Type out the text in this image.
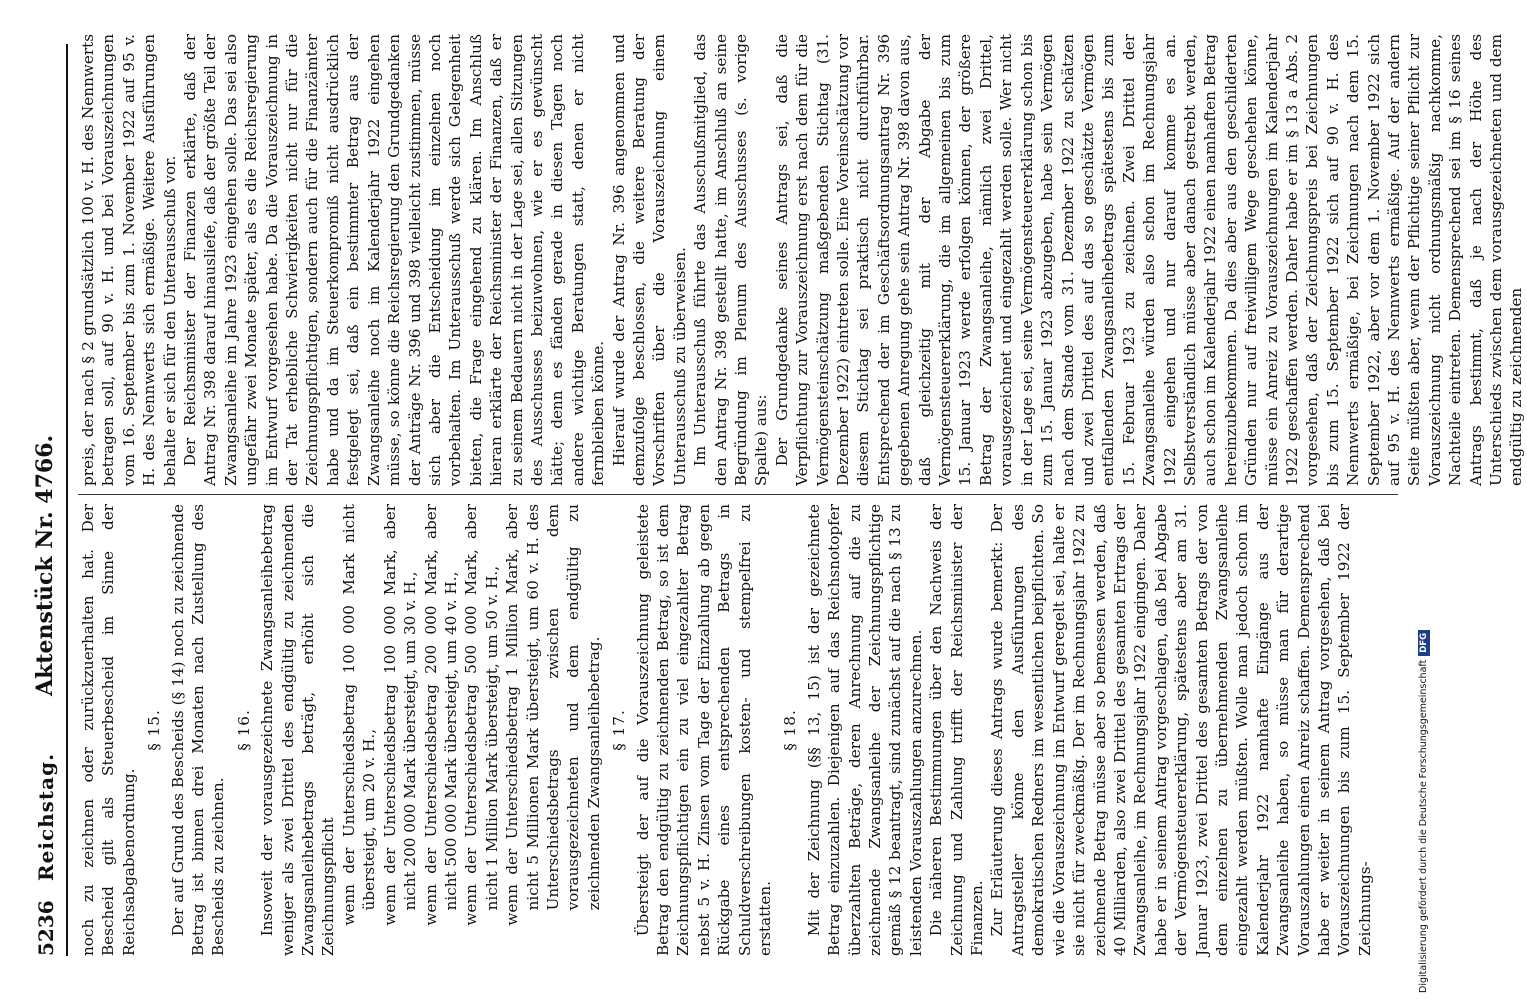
5236
Reichstag.
Aktenstück Nr. 4766. noch zu zeichnen oder zurückzuerhalten hat. Der Bescheid gilt als Steuerbescheid im Sinne der Reichsabgabenordnung.
§ 15. Der auf Grund des Bescheids (§ 14) noch zu zeichnende Betrag ist binnen drei Monaten nach Zustellung des Bescheids zu zeichnen.
§ 16. Insoweit der vorausgezeichnete Zwangsanleihebetrag weniger als zwei Drittel des endgültig zu zeichnenden Zwangsanleihebetrags beträgt, erhöht sich die Zeichnungspflicht wenn der Unterschiedsbetrag 100 000 Mark nicht übersteigt, um 20 v. H., wenn der Unterschiedsbetrag 100 000 Mark, aber nicht 200 000 Mark übersteigt, um 30 v. H., wenn der Unterschiedsbetrag 200 000 Mark, aber nicht 500 000 Mark übersteigt, um 40 v. H., wenn der Unterschiedsbetrag 500 000 Mark, aber nicht 1 Million Mark übersteigt, um 50 v. H., wenn der Unterschiedsbetrag 1 Million Mark, aber nicht 5 Millionen Mark übersteigt, um 60 v. H. des Unterschiedsbetrags zwischen dem vorausgezeichneten und dem endgültig zu zeichnenden Zwangsanleihebetrag. § 17. Übersteigt der auf die Vorauszeichnung geleistete Betrag den endgültig zu zeichnenden Betrag, so ist dem Zeichnungspflichtigen ein zu viel eingezahlter Betrag nebst 5 v. H. Zinsen vom Tage der Einzahlung ab gegen Rückgabe eines entsprechenden Betrags in Schuldverschreibungen kosten- und stempelfrei zu erstatten.
§ 18. Mit der Zeichnung (§§ 13, 15) ist der gezeichnete Betrag einzuzahlen. Diejenigen auf das Reichsnotopfer überzahlten Beträge, deren Anrechnung auf die zu zeichnende Zwangsanleihe der Zeichnungspflichtige gemäß § 12 beantragt, sind zunächst auf die nach § 13 zu leistenden Vorauszahlungen anzurechnen. Die näheren Bestimmungen über den Nachweis der Zeichnung und Zahlung trifft der Reichsminister der Finanzen. Zur Erläuterung dieses Antrags wurde bemerkt: Der Antragsteller könne den Ausführungen des demokratischen Redners im wesentlichen beipflichten. So wie die Vorauszeichnung im Entwurf geregelt sei, halte er sie nicht für zweckmäßig. Der im Rechnungsjahr 1922 zu zeichnende Betrag müsse aber so bemessen werden, daß 40 Milliarden, also zwei Drittel des gesamten Ertrags der Zwangsanleihe, im Rechnungsjahr 1922 eingingen. Daher habe er in seinem Antrag vorgeschlagen, daß bei Abgabe der Vermögensteuererklärung, spätestens aber am 31. Januar 1923, zwei Drittel des gesamten Betrags der von dem einzelnen zu übernehmenden Zwangsanleihe eingezahlt werden müßten. Wolle man jedoch schon im Kalenderjahr 1922 namhafte Eingänge aus der Zwangsanleihe haben, so müsse man für derartige Vorauszahlungen einen Anreiz schaffen. Demensprechend habe er weiter in seinem Antrag vorgesehen, daß bei Vorauszeichnungen bis zum 15. September 1922 der Zeichnungs-
preis, der nach § 2 grundsätzlich 100 v. H. des Nennwerts betragen soll, auf 90 v. H. und bei Vorauszeichnungen vom 16. September bis zum 1. November 1922 auf 95 v. H. des Nennwerts sich ermäßige. Weitere Ausführungen behalte er sich für den Unterausschuß vor. Der Reichsminister der Finanzen erklärte, daß der Antrag Nr. 398 darauf hinausliefe, daß der größte Teil der Zwangsanleihe im Jahre 1923 eingehen solle. Das sei also ungefähr zwei Monate später, als es die Reichsregierung im Entwurf vorgesehen habe. Da die Vorauszeichnung in der Tat erhebliche Schwierigkeiten nicht nur für die Zeichnungspflichtigen, sondern auch für die Finanzämter habe und da im Steuerkompromiß nicht ausdrücklich festgelegt sei, daß ein bestimmter Betrag aus der Zwangsanleihe noch im Kalenderjahr 1922 eingehen müsse, so könne die Reichsregierung den Grundgedanken der Anträge Nr. 396 und 398 vielleicht zustimmen, müsse sich aber die Entscheidung im einzelnen noch vorbehalten. Im Unterausschuß werde sich Gelegenheit bieten, die Frage eingehend zu klären. Im Anschluß hieran erklärte der Reichsminister der Finanzen, daß er zu seinem Bedauern nicht in der Lage sei, allen Sitzungen des Ausschusses beizuwohnen, wie er es gewünscht hätte; denn es fänden gerade in diesen Tagen noch andere wichtige Beratungen statt, denen er nicht fernbleiben könne. Hierauf wurde der Antrag Nr. 396 angenommen und demzufolge beschlossen, die weitere Beratung der Vorschriften über die Vorauszeichnung einem Unterausschuß zu überweisen. Im Unterausschuß führte das Ausschußmitglied, das den Antrag Nr. 398 gestellt hatte, im Anschluß an seine Begründung im Plenum des Ausschusses (s. vorige Spalte) aus: Der Grundgedanke seines Antrags sei, daß die Verpflichtung zur Vorauszeichnung erst nach dem für die Vermögensteinschätzung maßgebenden Stichtag (31. Dezember 1922) eintreten solle. Eine Voreinschätzung vor diesem Stichtag sei praktisch nicht durchführbar. Entsprechend der im Geschäftsordnungsantrag Nr. 396 gegebenen Anregung gehe sein Antrag Nr. 398 davon aus, daß gleichzeitig mit der Abgabe der Vermögensteuererklärung, die im allgemeinen bis zum 15. Januar 1923 werde erfolgen können, der größere Betrag der Zwangsanleihe, nämlich zwei Drittel, vorausgezeichnet und eingezahlt werden solle. Wer nicht in der Lage sei, seine Vermögensteuererklärung schon bis zum 15. Januar 1923 abzugeben, habe sein Vermögen nach dem Stande vom 31. Dezember 1922 zu schätzen und zwei Drittel des auf das so geschätzte Vermögen entfallenden Zwangsanleihebetrags spätestens bis zum 15. Februar 1923 zu zeichnen. Zwei Drittel der Zwangsanleihe würden also schon im Rechnungsjahr 1922 eingehen und nur darauf komme es an. Selbstverständlich müsse aber danach gestrebt werden, auch schon im Kalenderjahr 1922 einen namhaften Betrag hereinzubekommen. Da dies aber aus den geschilderten Gründen nur auf freiwilligem Wege geschehen könne, müsse ein Anreiz zu Vorauszeichnungen im Kalenderjahr 1922 geschaffen werden. Daher habe er im § 13 a Abs. 2 vorgesehen, daß der Zeichnungspreis bei Zeichnungen bis zum 15. September 1922 sich auf 90 v. H. des Nennwerts ermäßige, bei Zeichnungen nach dem 15. September 1922, aber vor dem 1. November 1922 sich auf 95 v. H. des Nennwerts ermäßige. Auf der andern Seite müßten aber, wenn der Pflichtige seiner Pflicht zur Vorauszeichnung nicht ordnungsmäßig nachkomme, Nachteile eintreten. Demensprechend sei im § 16 seines Antrags bestimmt, daß je nach der Höhe des Unterschieds zwischen dem vorausgezeichneten und dem endgültig zu zeichnenden
Digitalisierung gefördert durch die Deutsche ForschungsgemeinschaftDFG
